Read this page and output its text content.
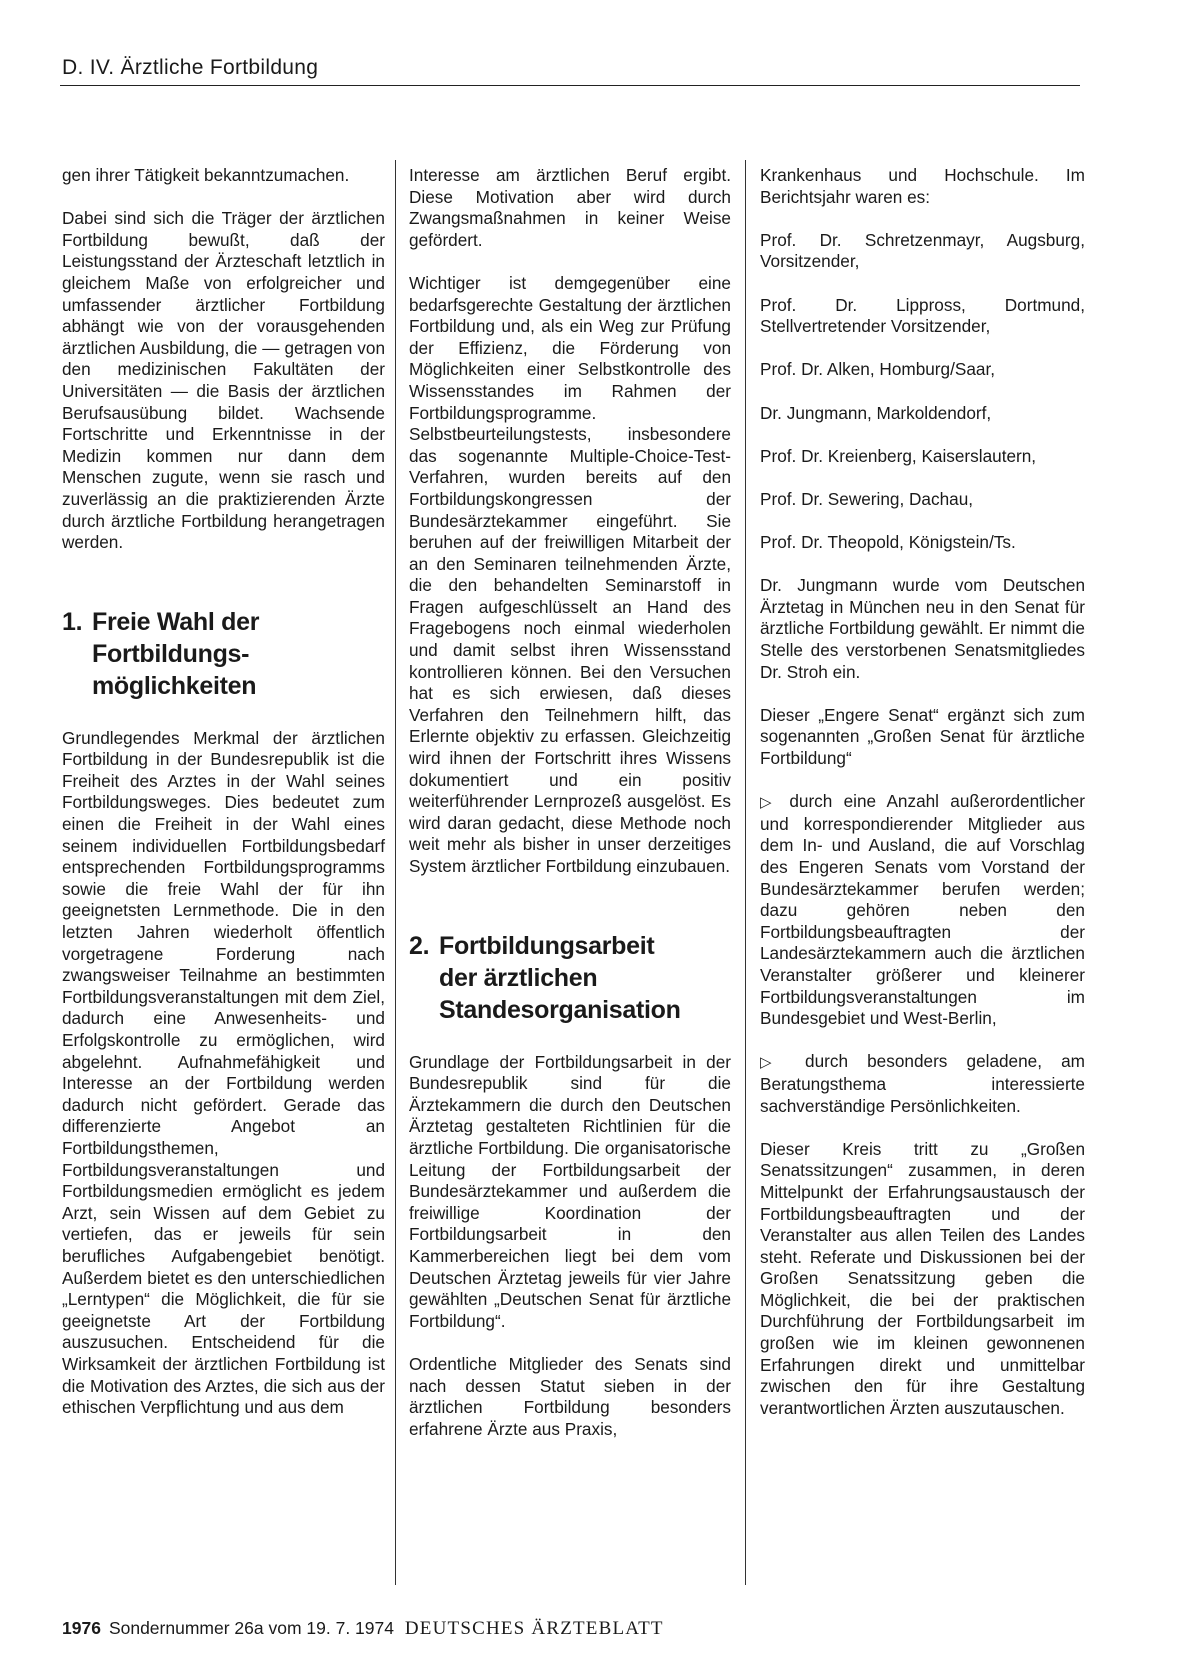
D. IV. Ärztliche Fortbildung

gen ihrer Tätigkeit bekanntzumachen.

Dabei sind sich die Träger der ärztlichen Fortbildung bewußt, daß der Leistungsstand der Ärzteschaft letztlich in gleichem Maße von erfolgreicher und umfassender ärztlicher Fortbildung abhängt wie von der vorausgehenden ärztlichen Ausbildung, die — getragen von den medizinischen Fakultäten der Universitäten — die Basis der ärztlichen Berufsausübung bildet. Wachsende Fortschritte und Erkenntnisse in der Medizin kommen nur dann dem Menschen zugute, wenn sie rasch und zuverlässig an die praktizierenden Ärzte durch ärztliche Fortbildung herangetragen werden.

1. Freie Wahl der
Fortbildungs-
möglichkeiten

Grundlegendes Merkmal der ärztlichen Fortbildung in der Bundesrepublik ist die Freiheit des Arztes in der Wahl seines Fortbildungsweges. Dies bedeutet zum einen die Freiheit in der Wahl eines seinem individuellen Fortbildungsbedarf entsprechenden Fortbildungsprogramms sowie die freie Wahl der für ihn geeignetsten Lernmethode. Die in den letzten Jahren wiederholt öffentlich vorgetragene Forderung nach zwangsweiser Teilnahme an bestimmten Fortbildungsveranstaltungen mit dem Ziel, dadurch eine Anwesenheits- und Erfolgskontrolle zu ermöglichen, wird abgelehnt. Aufnahmefähigkeit und Interesse an der Fortbildung werden dadurch nicht gefördert. Gerade das differenzierte Angebot an Fortbildungsthemen, Fortbildungsveranstaltungen und Fortbildungsmedien ermöglicht es jedem Arzt, sein Wissen auf dem Gebiet zu vertiefen, das er jeweils für sein berufliches Aufgabengebiet benötigt. Außerdem bietet es den unterschiedlichen „Lerntypen“ die Möglichkeit, die für sie geeignetste Art der Fortbildung auszusuchen. Entscheidend für die Wirksamkeit der ärztlichen Fortbildung ist die Motivation des Arztes, die sich aus der ethischen Verpflichtung und aus dem

Interesse am ärztlichen Beruf ergibt. Diese Motivation aber wird durch Zwangsmaßnahmen in keiner Weise gefördert.

Wichtiger ist demgegenüber eine bedarfsgerechte Gestaltung der ärztlichen Fortbildung und, als ein Weg zur Prüfung der Effizienz, die Förderung von Möglichkeiten einer Selbstkontrolle des Wissensstandes im Rahmen der Fortbildungsprogramme. Selbstbeurteilungstests, insbesondere das sogenannte Multiple-Choice-Test-Verfahren, wurden bereits auf den Fortbildungskongressen der Bundesärztekammer eingeführt. Sie beruhen auf der freiwilligen Mitarbeit der an den Seminaren teilnehmenden Ärzte, die den behandelten Seminarstoff in Fragen aufgeschlüsselt an Hand des Fragebogens noch einmal wiederholen und damit selbst ihren Wissensstand kontrollieren können. Bei den Versuchen hat es sich erwiesen, daß dieses Verfahren den Teilnehmern hilft, das Erlernte objektiv zu erfassen. Gleichzeitig wird ihnen der Fortschritt ihres Wissens dokumentiert und ein positiv weiterführender Lernprozeß ausgelöst. Es wird daran gedacht, diese Methode noch weit mehr als bisher in unser derzeitiges System ärztlicher Fortbildung einzubauen.

2. Fortbildungsarbeit
der ärztlichen
Standesorganisation

Grundlage der Fortbildungsarbeit in der Bundesrepublik sind für die Ärztekammern die durch den Deutschen Ärztetag gestalteten Richtlinien für die ärztliche Fortbildung. Die organisatorische Leitung der Fortbildungsarbeit der Bundesärztekammer und außerdem die freiwillige Koordination der Fortbildungsarbeit in den Kammerbereichen liegt bei dem vom Deutschen Ärztetag jeweils für vier Jahre gewählten „Deutschen Senat für ärztliche Fortbildung“.

Ordentliche Mitglieder des Senats sind nach dessen Statut sieben in der ärztlichen Fortbildung besonders erfahrene Ärzte aus Praxis,

Krankenhaus und Hochschule. Im Berichtsjahr waren es:

Prof. Dr. Schretzenmayr, Augsburg, Vorsitzender,

Prof. Dr. Lippross, Dortmund, Stellvertretender Vorsitzender,

Prof. Dr. Alken, Homburg/Saar,

Dr. Jungmann, Markoldendorf,

Prof. Dr. Kreienberg, Kaiserslautern,

Prof. Dr. Sewering, Dachau,

Prof. Dr. Theopold, Königstein/Ts.

Dr. Jungmann wurde vom Deutschen Ärztetag in München neu in den Senat für ärztliche Fortbildung gewählt. Er nimmt die Stelle des verstorbenen Senatsmitgliedes Dr. Stroh ein.

Dieser „Engere Senat“ ergänzt sich zum sogenannten „Großen Senat für ärztliche Fortbildung“

▷ durch eine Anzahl außerordentlicher und korrespondierender Mitglieder aus dem In- und Ausland, die auf Vorschlag des Engeren Senats vom Vorstand der Bundesärztekammer berufen werden; dazu gehören neben den Fortbildungsbeauftragten der Landesärztekammern auch die ärztlichen Veranstalter größerer und kleinerer Fortbildungsveranstaltungen im Bundesgebiet und West-Berlin,

▷ durch besonders geladene, am Beratungsthema interessierte sachverständige Persönlichkeiten.

Dieser Kreis tritt zu „Großen Senatssitzungen“ zusammen, in deren Mittelpunkt der Erfahrungsaustausch der Fortbildungsbeauftragten und der Veranstalter aus allen Teilen des Landes steht. Referate und Diskussionen bei der Großen Senatssitzung geben die Möglichkeit, die bei der praktischen Durchführung der Fortbildungsarbeit im großen wie im kleinen gewonnenen Erfahrungen direkt und unmittelbar zwischen den für ihre Gestaltung verantwortlichen Ärzten auszutauschen.

1976 Sondernummer 26a vom 19. 7. 1974 DEUTSCHES ÄRZTEBLATT
